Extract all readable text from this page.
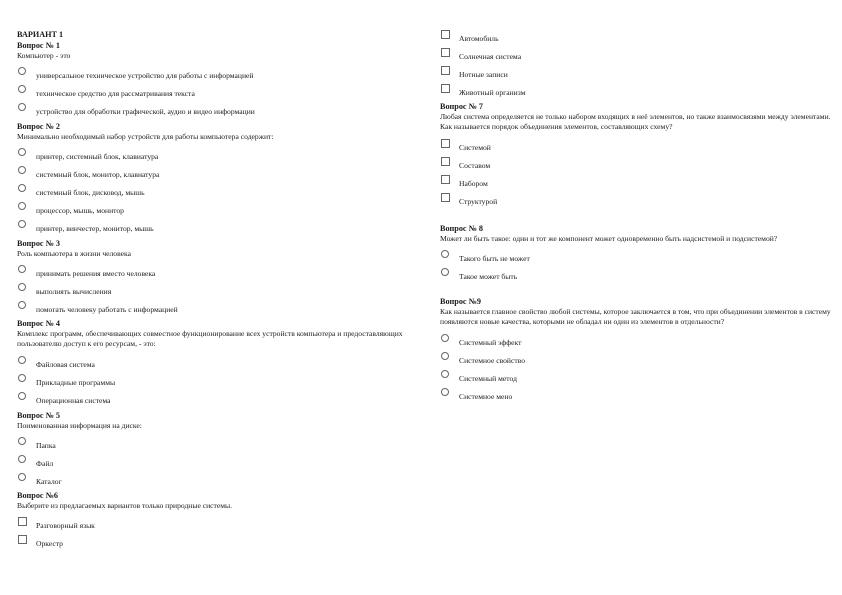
ВАРИАНТ 1
Вопрос № 1
Компьютер - это
универсальное техническое устройство для работы с информацией
техническое средство для рассматривания текста
устройство для обработки графической, аудио и видео информации
Вопрос № 2
Минимально необходимый набор устройств для работы компьютера содержит:
принтер, системный блок, клавиатура
системный блок, монитор, клавиатура
системный блок, дисковод, мышь
процессор, мышь, монитор
принтер, винчестер, монитор, мышь
Вопрос № 3
Роль компьютера в жизни человека
принимать решения вместо человека
выполнять вычисления
помогать человеку работать с информацией
Вопрос № 4
Комплекс программ, обеспечивающих совместное функционирование всех устройств компьютера и предоставляющих пользователю доступ к его ресурсам, - это:
Файловая система
Прикладные программы
Операционная система
Вопрос № 5
Поименованная информация на диске:
Папка
Файл
Каталог
Вопрос №6
Выберите из предлагаемых вариантов только природные системы.
Разговорный язык
Оркестр
Автомобиль
Солнечная система
Нотные записи
Животный организм
Вопрос № 7
Любая система определяется не только набором входящих в неё элементов, но также взаимосвязями между элементами. Как называется порядок объединения элементов, составляющих схему?
Системой
Составом
Набором
Структурой
Вопрос № 8
Может ли быть такое: один и тот же компонент может одновременно быть надсистемой и подсистемой?
Такого быть не может
Такое может быть
Вопрос №9
Как называется главное свойство любой системы, которое заключается в том, что при объединении элементов в систему появляются новые качества, которыми не обладал ни один из элементов в отдельности?
Системный эффект
Системное свойство
Системный метод
Системное мено
